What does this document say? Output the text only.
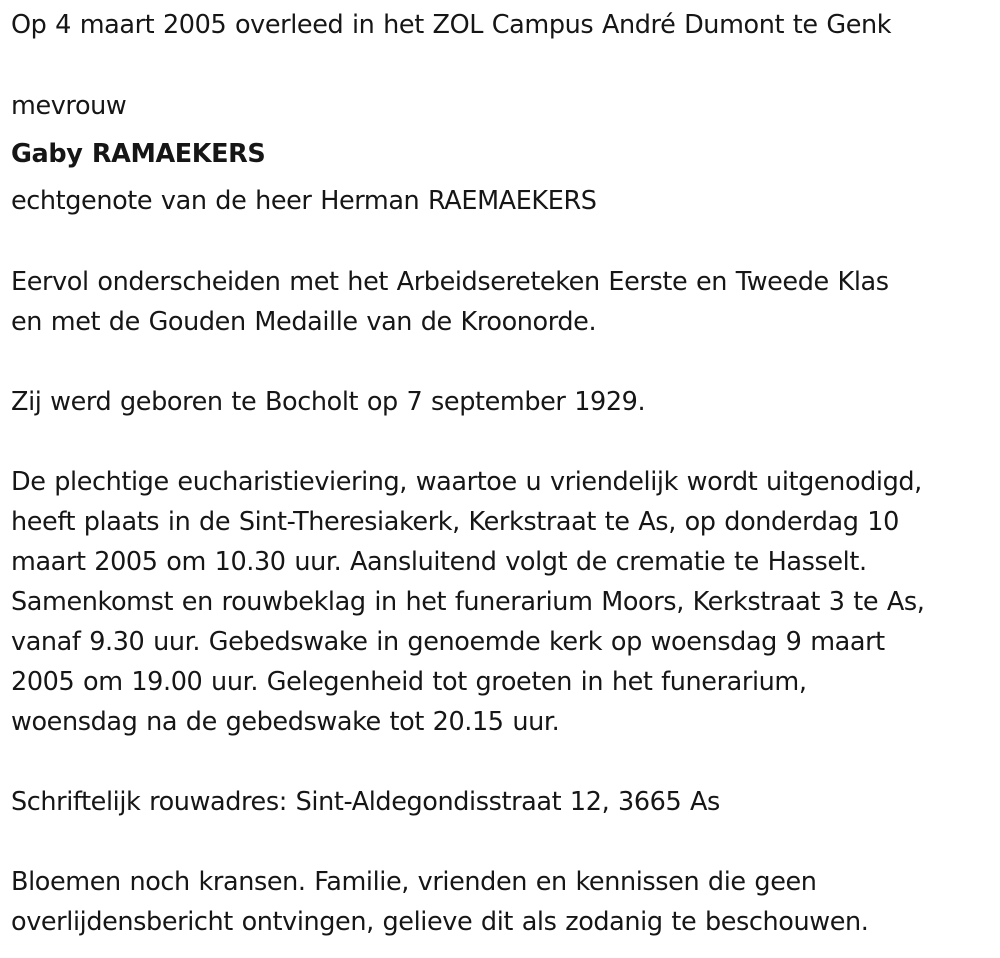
Op 4 maart 2005 overleed in het ZOL Campus André Dumont te Genk
mevrouw
Gaby RAMAEKERS
echtgenote van de heer Herman RAEMAEKERS
Eervol onderscheiden met het Arbeidsereteken Eerste en Tweede Klas
en met de Gouden Medaille van de Kroonorde.
Zij werd geboren te Bocholt op 7 september 1929.
De plechtige eucharistieviering, waartoe u vriendelijk wordt uitgenodigd,
heeft plaats in de Sint-Theresiakerk, Kerkstraat te As, op donderdag 10
maart 2005 om 10.30 uur. Aansluitend volgt de crematie te Hasselt.
Samenkomst en rouwbeklag in het funerarium Moors, Kerkstraat 3 te As,
vanaf 9.30 uur. Gebedswake in genoemde kerk op woensdag 9 maart
2005 om 19.00 uur. Gelegenheid tot groeten in het funerarium,
woensdag na de gebedswake tot 20.15 uur.
Schriftelijk rouwadres: Sint-Aldegondisstraat 12, 3665 As
Bloemen noch kransen. Familie, vrienden en kennissen die geen
overlijdensbericht ontvingen, gelieve dit als zodanig te beschouwen.
